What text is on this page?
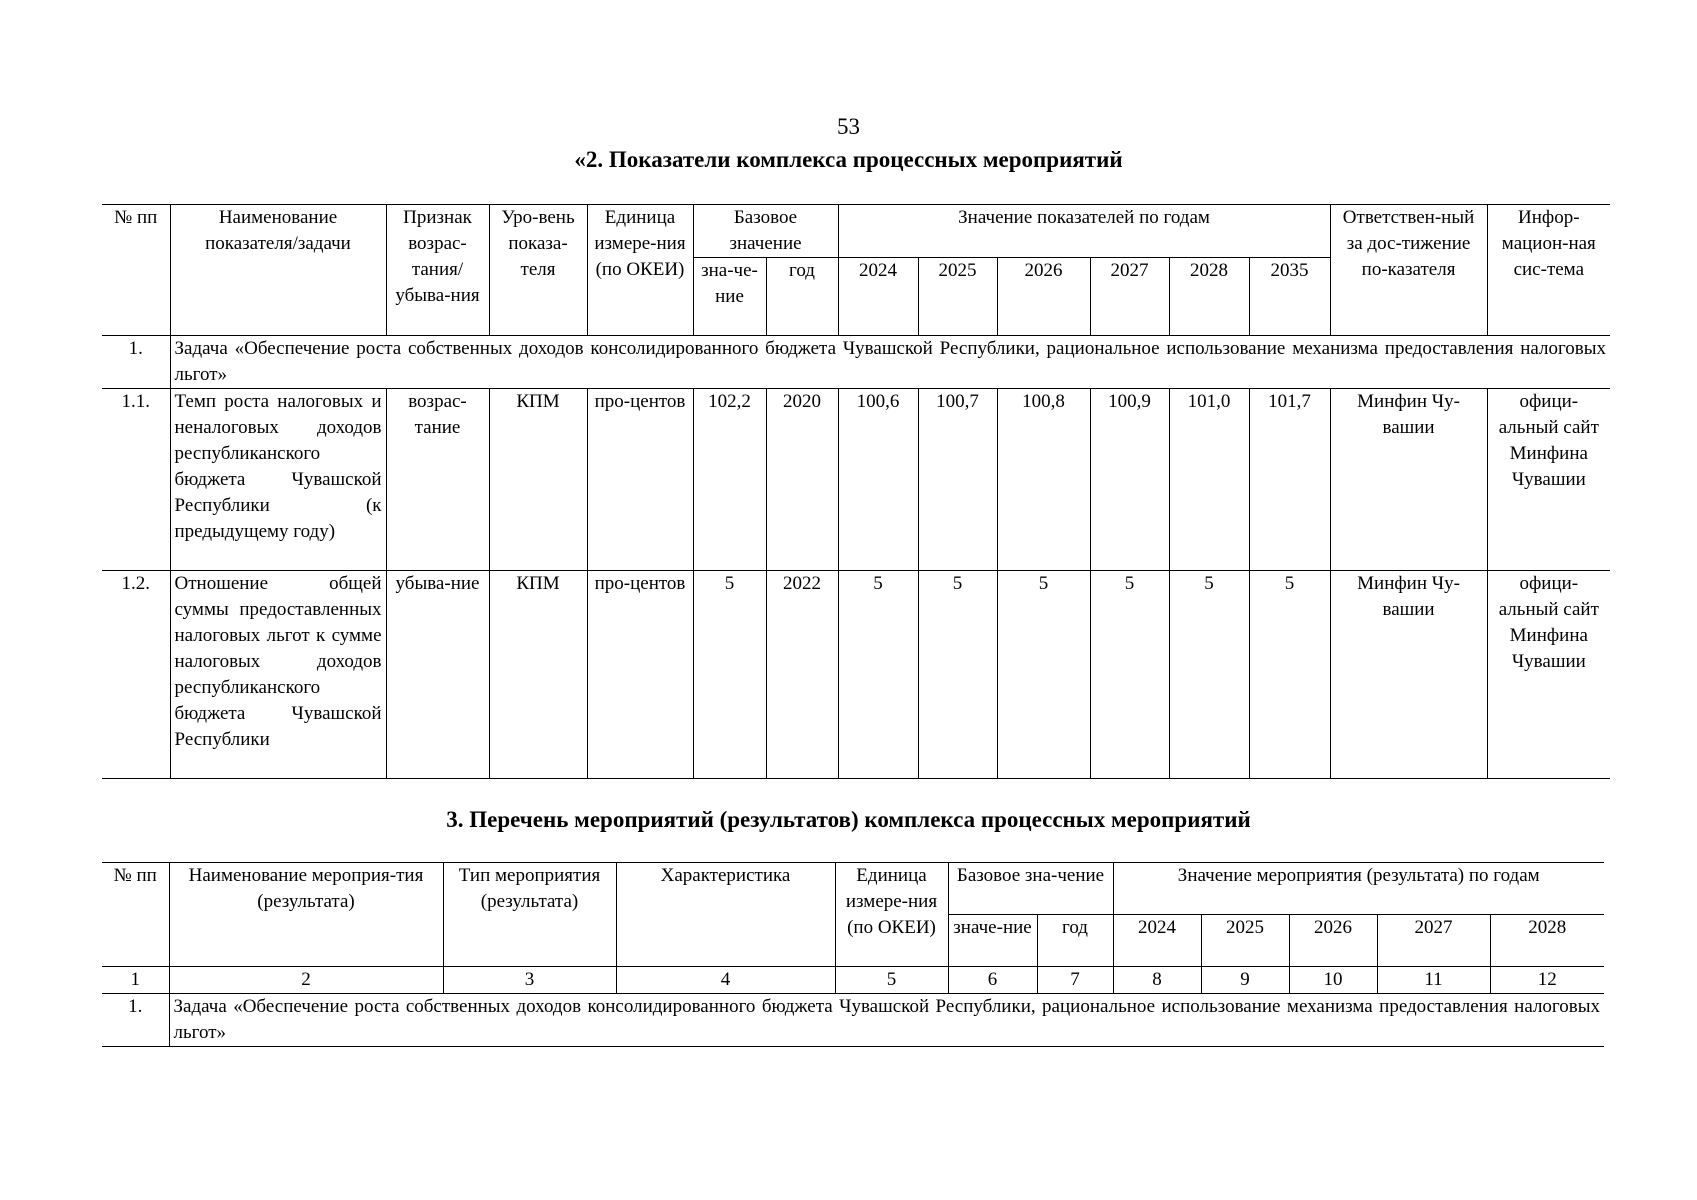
53
«2. Показатели комплекса процессных мероприятий
№ пп	Наименование показателя/задачи	Признак возрас-тания/ убыва-ния	Уро-вень показа-теля	Единица измере-ния (по ОКЕИ)	Базовое значение		Значение показателей по годам						Ответствен-ный за дос-тижение по-казателя	Инфор-мацион-ная сис-тема
					зна-че-ние	год	2024	2025	2026	2027	2028	2035		
1.	Задача «Обеспечение роста собственных доходов консолидированного бюджета Чувашской Республики, рациональное использование механизма предоставления налоговых льгот»													
1.1.	Темп роста налоговых и неналоговых доходов республиканского бюджета Чувашской Республики (к предыдущему году)	возрас-тание	КПМ	про-центов	102,2	2020	100,6	100,7	100,8	100,9	101,0	101,7	Минфин Чу-вашии	офици-альный сайт Минфина Чувашии
1.2.	Отношение общей суммы предоставленных налоговых льгот к сумме налоговых доходов республиканского бюджета Чувашской Республики	убыва-ние	КПМ	про-центов	5	2022	5	5	5	5	5	5	Минфин Чу-вашии	офици-альный сайт Минфина Чувашии
3. Перечень мероприятий (результатов) комплекса процессных мероприятий
№ пп	Наименование мероприя-тия (результата)	Тип мероприятия (результата)	Характеристика	Единица измере-ния (по ОКЕИ)	Базовое зна-чение		Значение мероприятия (результата) по годам				
					значе-ние	год	2024	2025	2026	2027	2028
1	2	3	4	5	6	7	8	9	10	11	12
1.	Задача «Обеспечение роста собственных доходов консолидированного бюджета Чувашской Республики, рациональное использование механизма предоставления налоговых льгот»										
